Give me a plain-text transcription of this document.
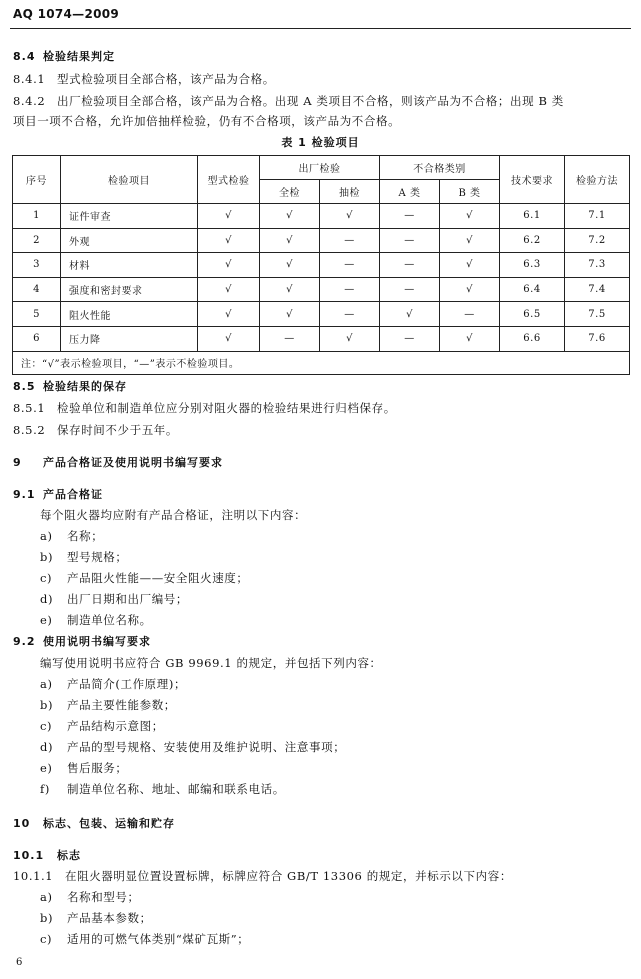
AQ 1074—2009
8.4 检验结果判定
8.4.1 型式检验项目全部合格，该产品为合格。
8.4.2 出厂检验项目全部合格，该产品为合格。出现 A 类项目不合格，则该产品为不合格；出现 B 类
项目一项不合格，允许加倍抽样检验，仍有不合格项，该产品为不合格。
表 1 检验项目
序号	检验项目	型式检验	出厂检验		不合格类别		技术要求	检验方法
			全检	抽检	A 类	B 类		
1	证件审查	√	√	√	—	√	6.1	7.1
2	外观	√	√	—	—	√	6.2	7.2
3	材料	√	√	—	—	√	6.3	7.3
4	强度和密封要求	√	√	—	—	√	6.4	7.4
5	阻火性能	√	√	—	√	—	6.5	7.5
6	压力降	√	—	√	—	√	6.6	7.6
注：“√”表示检验项目，“—”表示不检验项目。								
8.5 检验结果的保存
8.5.1 检验单位和制造单位应分别对阻火器的检验结果进行归档保存。
8.5.2 保存时间不少于五年。
9 产品合格证及使用说明书编写要求
9.1 产品合格证
每个阻火器均应附有产品合格证，注明以下内容：
a) 名称；
b) 型号规格；
c) 产品阻火性能——安全阻火速度；
d) 出厂日期和出厂编号；
e) 制造单位名称。
9.2 使用说明书编写要求
编写使用说明书应符合 GB 9969.1 的规定，并包括下列内容：
a) 产品简介(工作原理)；
b) 产品主要性能参数；
c) 产品结构示意图；
d) 产品的型号规格、安装使用及维护说明、注意事项；
e) 售后服务；
f) 制造单位名称、地址、邮编和联系电话。
10 标志、包装、运输和贮存
10.1 标志
10.1.1 在阻火器明显位置设置标牌，标牌应符合 GB/T 13306 的规定，并标示以下内容：
a) 名称和型号；
b) 产品基本参数；
c) 适用的可燃气体类别“煤矿瓦斯”；
6
